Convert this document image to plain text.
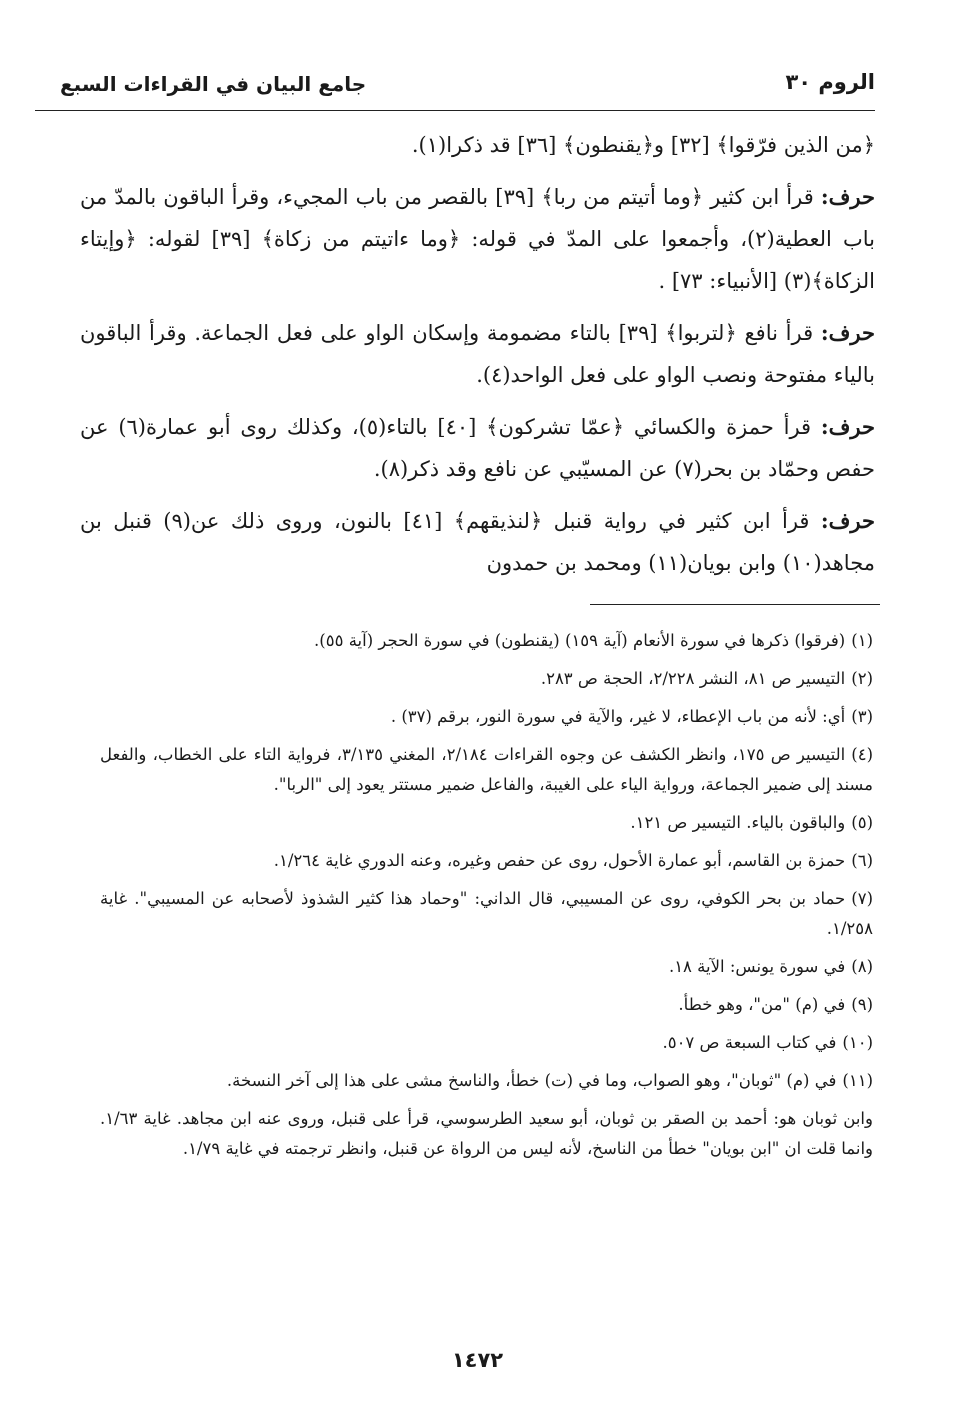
الروم ٣٠
جامع البيان في القراءات السبع

﴿من الذين فرّقوا﴾ [٣٢] و﴿يقنطون﴾ [٣٦] قد ذكرا(١).

حرف: قرأ ابن كثير ﴿وما أتيتم من ربا﴾ [٣٩] بالقصر من باب المجيء، وقرأ الباقون بالمدّ من باب العطية(٢)، وأجمعوا على المدّ في قوله: ﴿وما ءاتيتم من زكاة﴾ [٣٩] لقوله: ﴿وإيتاء الزكاة﴾(٣) [الأنبياء: ٧٣] .

حرف: قرأ نافع ﴿لتربوا﴾ [٣٩] بالتاء مضمومة وإسكان الواو على فعل الجماعة. وقرأ الباقون بالياء مفتوحة ونصب الواو على فعل الواحد(٤).

حرف: قرأ حمزة والكسائي ﴿عمّا تشركون﴾ [٤٠] بالتاء(٥)، وكذلك روى أبو عمارة(٦) عن حفص وحمّاد بن بحر(٧) عن المسيّبي عن نافع وقد ذكر(٨).

حرف: قرأ ابن كثير في رواية قنبل ﴿لنذيقهم﴾ [٤١] بالنون، وروى ذلك عن(٩) قنبل بن مجاهد(١٠) وابن بويان(١١) ومحمد بن حمدون

(١)(فرقوا) ذكرها في سورة الأنعام (آية ١٥٩) (يقنطون) في سورة الحجر (آية ٥٥).

(٢)التيسير ص ٨١، النشر ٢/٢٢٨، الحجة ص ٢٨٣.

(٣)أي: لأنه من باب الإعطاء، لا غير، والآية في سورة النور، برقم (٣٧) .

(٤)التيسير ص ١٧٥، وانظر الكشف عن وجوه القراءات ٢/١٨٤، المغني ٣/١٣٥، فرواية التاء على الخطاب، والفعل مسند إلى ضمير الجماعة، ورواية الياء على الغيبة، والفاعل ضمير مستتر يعود إلى "الربا".

(٥)والباقون بالياء. التيسير ص ١٢١.

(٦)حمزة بن القاسم، أبو عمارة الأحول، روى عن حفص وغيره، وعنه الدوري غاية ١/٢٦٤.

(٧)حماد بن بحر الكوفي، روى عن المسيبي، قال الداني: "وحماد هذا كثير الشذوذ لأصحابه عن المسيبي". غاية ١/٢٥٨.

(٨)في سورة يونس: الآية ١٨.

(٩)في (م) "من"، وهو خطأ.

(١٠)في كتاب السبعة ص ٥٠٧.

(١١)في (م) "ثوبان"، وهو الصواب، وما في (ت) خطأ، والناسخ مشى على هذا إلى آخر النسخة.

وابن ثوبان هو: أحمد بن الصقر بن ثوبان، أبو سعيد الطرسوسي، قرأ على قنبل، وروى عنه ابن مجاهد. غاية ١/٦٣. وانما قلت ان "ابن بويان" خطأ من الناسخ، لأنه ليس من الرواة عن قنبل، وانظر ترجمته في غاية ١/٧٩.

١٤٧٢
